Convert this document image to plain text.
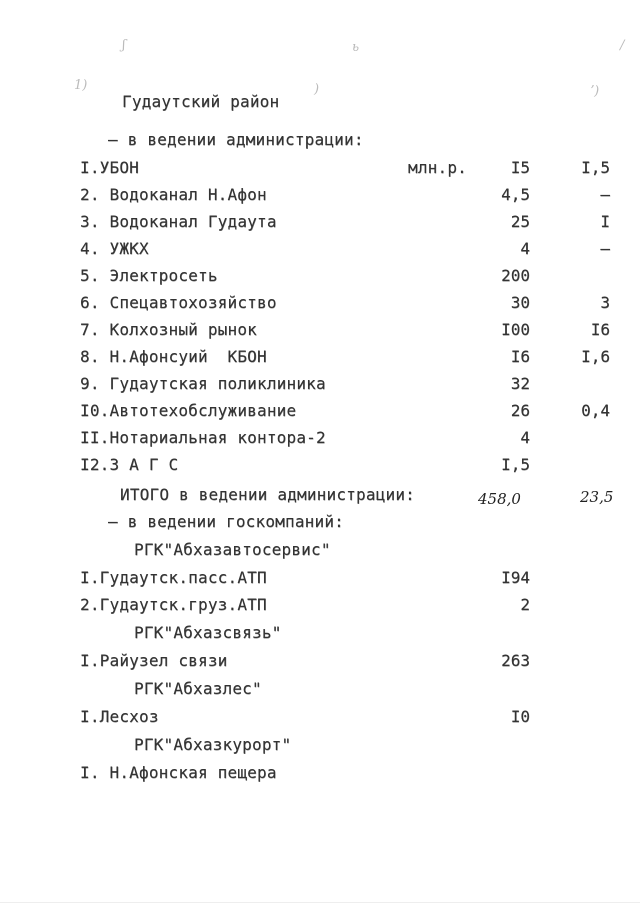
ʃ	ь	/
1)	)	ʼ)
Гудаутский район
– в ведении администрации:
млн.р.
I.УБОН	I5	I,5
2. Водоканал Н.Афон	4,5	–
3. Водоканал Гудаута	25	I
4. УЖКХ	4	–
5. Электросеть	200
6. Спецавтохозяйство	30	3
7. Колхозный рынок	I00	I6
8. Н.Афонсуий  КБОН	I6	I,6
9. Гудаутская поликлиника	32
I0.Автотехобслуживание	26	0,4
II.Нотариальная контора-2	4
I2.З А Г С	I,5
ИТОГО в ведении администрации:	458,0	23,5
– в ведении госкомпаний:
РГК"Абхазавтосервис"
I.Гудаутск.пасс.АТП	I94
2.Гудаутск.груз.АТП	2
РГК"Абхазсвязь"
I.Райузел связи	263
РГК"Абхазлес"
I.Лесхоз	I0
РГК"Абхазкурорт"
I. Н.Афонская пещера
